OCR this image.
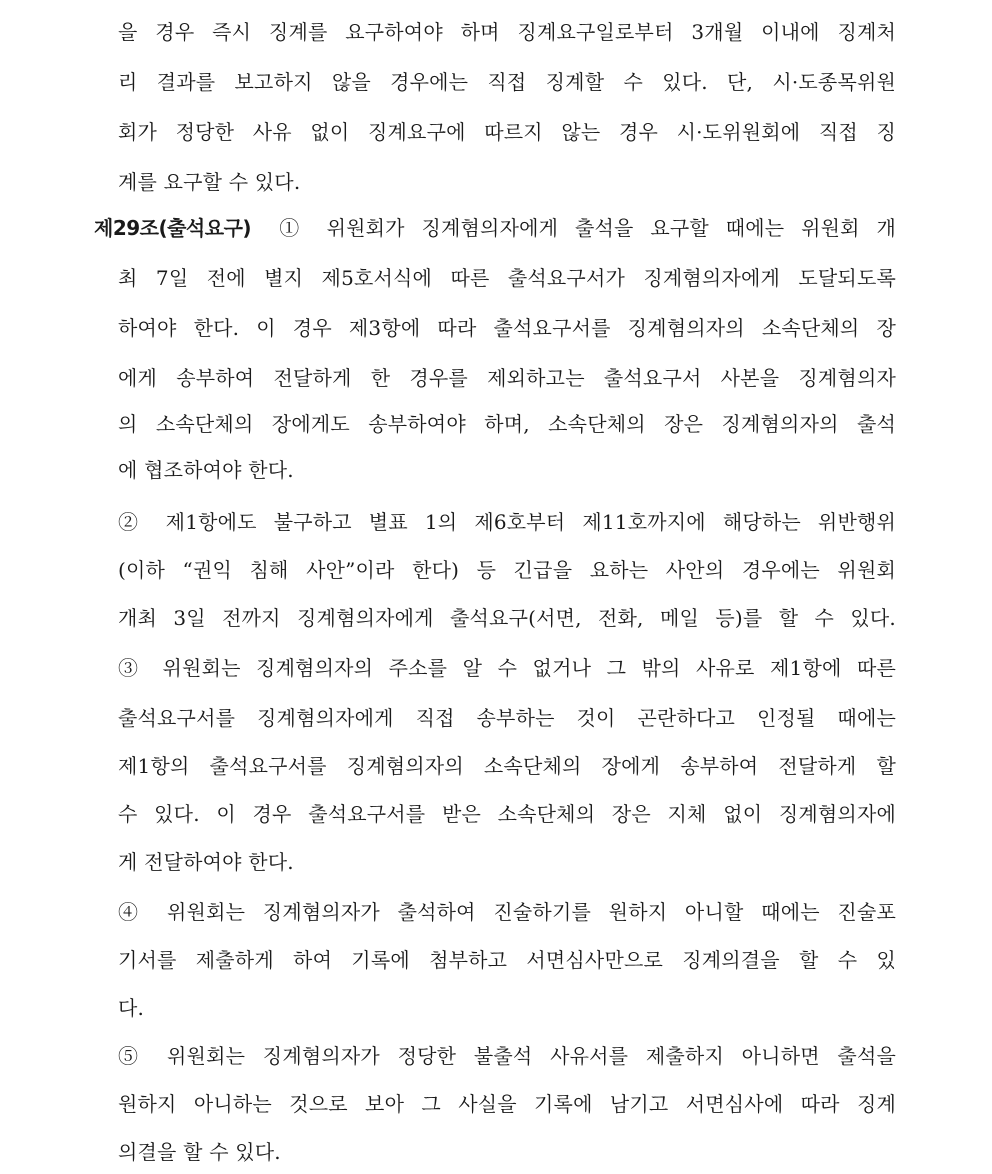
을 경우 즉시 징계를 요구하여야 하며 징계요구일로부터 3개월 이내에 징계처
리 결과를 보고하지 않을 경우에는 직접 징계할 수 있다. 단, 시·도종목위원
회가 정당한 사유 없이 징계요구에 따르지 않는 경우 시·도위원회에 직접 징
계를 요구할 수 있다.
제29조(출석요구) ① 위원회가 징계혐의자에게 출석을 요구할 때에는 위원회 개
최 7일 전에 별지 제5호서식에 따른 출석요구서가 징계혐의자에게 도달되도록
하여야 한다. 이 경우 제3항에 따라 출석요구서를 징계혐의자의 소속단체의 장
에게 송부하여 전달하게 한 경우를 제외하고는 출석요구서 사본을 징계혐의자
의 소속단체의 장에게도 송부하여야 하며, 소속단체의 장은 징계혐의자의 출석
에 협조하여야 한다.
② 제1항에도 불구하고 별표 1의 제6호부터 제11호까지에 해당하는 위반행위
(이하 “권익 침해 사안”이라 한다) 등 긴급을 요하는 사안의 경우에는 위원회
개최 3일 전까지 징계혐의자에게 출석요구(서면, 전화, 메일 등)를 할 수 있다.
③ 위원회는 징계혐의자의 주소를 알 수 없거나 그 밖의 사유로 제1항에 따른
출석요구서를 징계혐의자에게 직접 송부하는 것이 곤란하다고 인정될 때에는
제1항의 출석요구서를 징계혐의자의 소속단체의 장에게 송부하여 전달하게 할
수 있다. 이 경우 출석요구서를 받은 소속단체의 장은 지체 없이 징계혐의자에
게 전달하여야 한다.
④ 위원회는 징계혐의자가 출석하여 진술하기를 원하지 아니할 때에는 진술포
기서를 제출하게 하여 기록에 첨부하고 서면심사만으로 징계의결을 할 수 있
다.
⑤ 위원회는 징계혐의자가 정당한 불출석 사유서를 제출하지 아니하면 출석을
원하지 아니하는 것으로 보아 그 사실을 기록에 남기고 서면심사에 따라 징계
의결을 할 수 있다.
